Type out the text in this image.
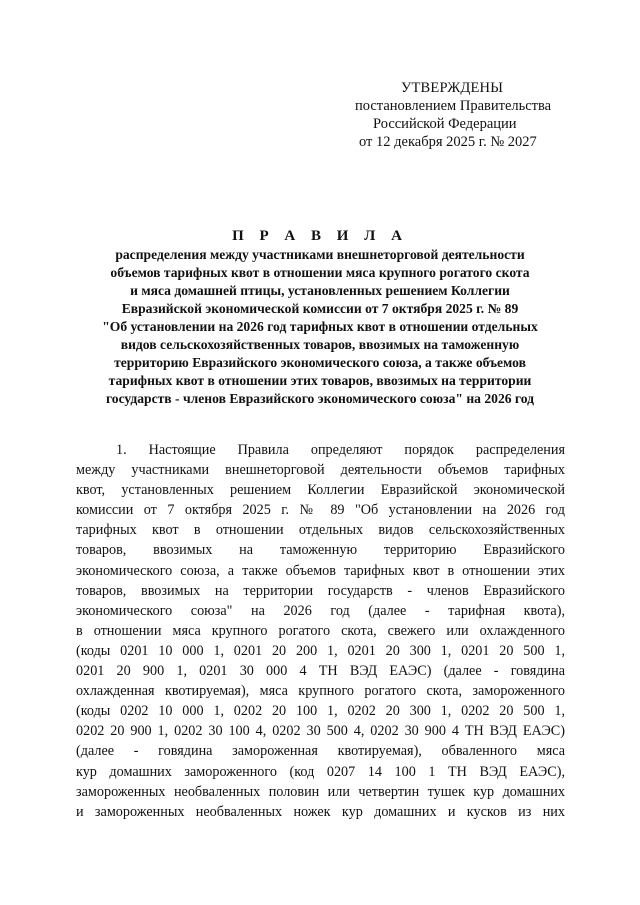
УТВЕРЖДЕНЫ
постановлением Правительства
Российской Федерации
от 12 декабря 2025 г. № 2027
П Р А В И Л А
распределения между участниками внешнеторговой деятельности
объемов тарифных квот в отношении мяса крупного рогатого скота
и мяса домашней птицы, установленных решением Коллегии
Евразийской экономической комиссии от 7 октября 2025 г. № 89
"Об установлении на 2026 год тарифных квот в отношении отдельных
видов сельскохозяйственных товаров, ввозимых на таможенную
территорию Евразийского экономического союза, а также объемов
тарифных квот в отношении этих товаров, ввозимых на территории
государств - членов Евразийского экономического союза" на 2026 год
1. Настоящие Правила определяют порядок распределения
между участниками внешнеторговой деятельности объемов тарифных
квот, установленных решением Коллегии Евразийской экономической
комиссии от 7 октября 2025 г. № 89 "Об установлении на 2026 год
тарифных квот в отношении отдельных видов сельскохозяйственных
товаров, ввозимых на таможенную территорию Евразийского
экономического союза, а также объемов тарифных квот в отношении этих
товаров, ввозимых на территории государств - членов Евразийского
экономического союза" на 2026 год (далее - тарифная квота),
в отношении мяса крупного рогатого скота, свежего или охлажденного
(коды 0201 10 000 1, 0201 20 200 1, 0201 20 300 1, 0201 20 500 1,
0201 20 900 1, 0201 30 000 4 ТН ВЭД ЕАЭС) (далее - говядина
охлажденная квотируемая), мяса крупного рогатого скота, замороженного
(коды 0202 10 000 1, 0202 20 100 1, 0202 20 300 1, 0202 20 500 1,
0202 20 900 1, 0202 30 100 4, 0202 30 500 4, 0202 30 900 4 ТН ВЭД ЕАЭС)
(далее - говядина замороженная квотируемая), обваленного мяса
кур домашних замороженного (код 0207 14 100 1 ТН ВЭД ЕАЭС),
замороженных необваленных половин или четвертин тушек кур домашних
и замороженных необваленных ножек кур домашних и кусков из них
